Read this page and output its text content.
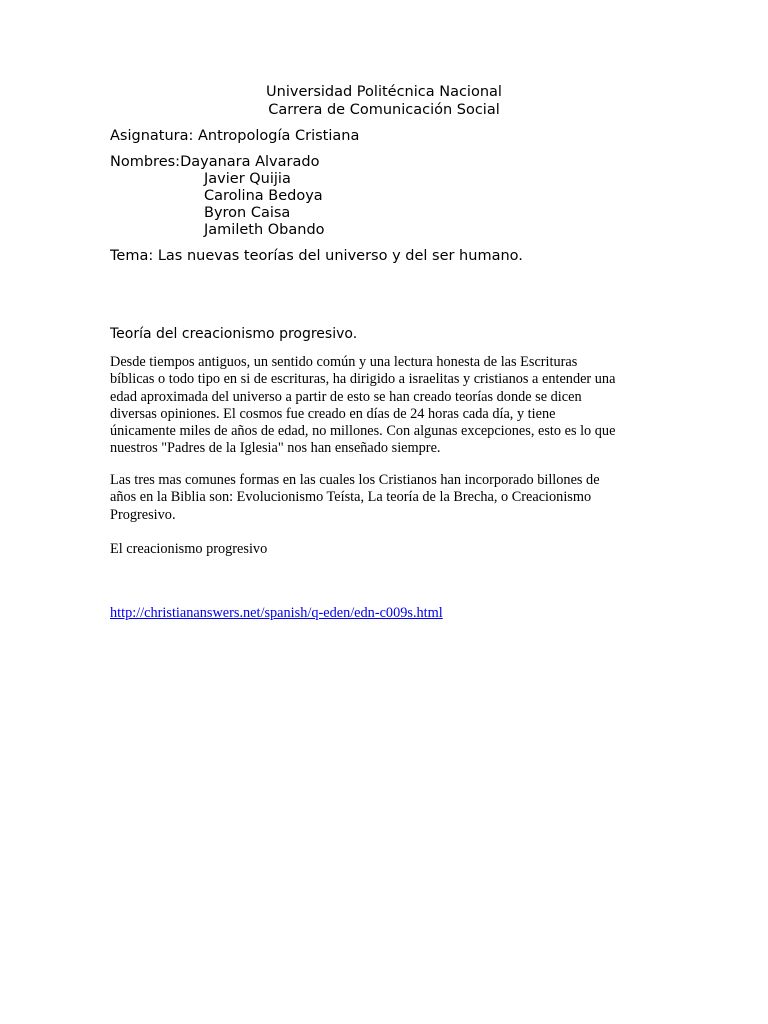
Universidad Politécnica Nacional
Carrera de Comunicación Social
Asignatura: Antropología Cristiana
Nombres:Dayanara Alvarado
Javier Quijia
Carolina Bedoya
Byron Caisa
Jamileth Obando
Tema: Las nuevas teorías del universo y del ser humano.
Teoría del creacionismo progresivo.
Desde tiempos antiguos, un sentido común y una lectura honesta de las Escrituras
bíblicas o todo tipo en si de escrituras, ha dirigido a israelitas y cristianos a entender una
edad aproximada del universo a partir de esto se han creado teorías donde se dicen
diversas opiniones. El cosmos fue creado en días de 24 horas cada día, y tiene
únicamente miles de años de edad, no millones. Con algunas excepciones, esto es lo que
nuestros "Padres de la Iglesia" nos han enseñado siempre.
Las tres mas comunes formas en las cuales los Cristianos han incorporado billones de
años en la Biblia son: Evolucionismo Teísta, La teoría de la Brecha, o Creacionismo
Progresivo.
El creacionismo progresivo
http://christiananswers.net/spanish/q-eden/edn-c009s.html
